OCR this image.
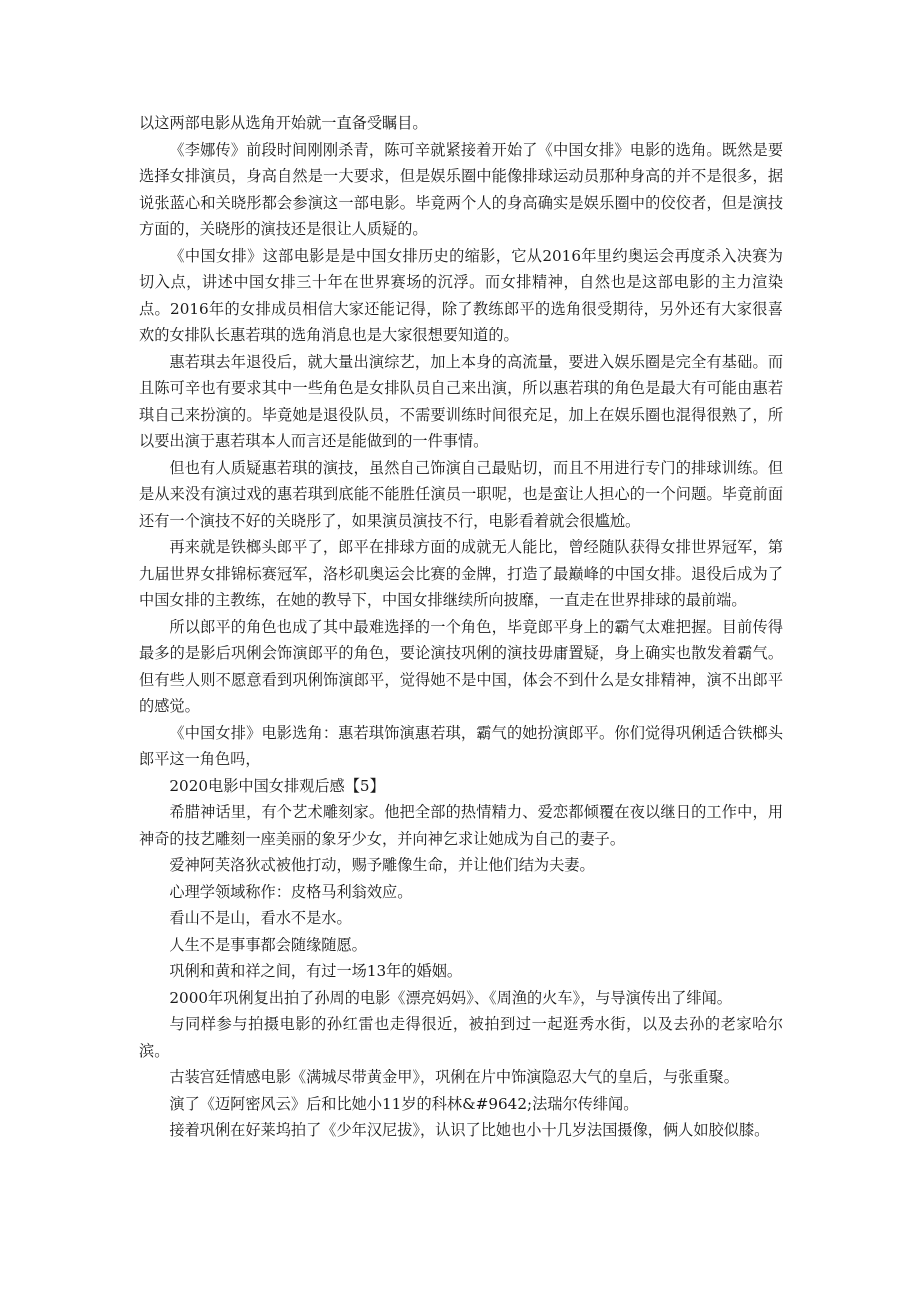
以这两部电影从选角开始就一直备受瞩目。

《李娜传》前段时间刚刚杀青，陈可辛就紧接着开始了《中国女排》电影的选角。既然是要选择女排演员，身高自然是一大要求，但是娱乐圈中能像排球运动员那种身高的并不是很多，据说张蓝心和关晓彤都会参演这一部电影。毕竟两个人的身高确实是娱乐圈中的佼佼者，但是演技方面的，关晓彤的演技还是很让人质疑的。

《中国女排》这部电影是是中国女排历史的缩影，它从2016年里约奥运会再度杀入决赛为切入点，讲述中国女排三十年在世界赛场的沉浮。而女排精神，自然也是这部电影的主力渲染点。2016年的女排成员相信大家还能记得，除了教练郎平的选角很受期待，另外还有大家很喜欢的女排队长惠若琪的选角消息也是大家很想要知道的。

惠若琪去年退役后，就大量出演综艺，加上本身的高流量，要进入娱乐圈是完全有基础。而且陈可辛也有要求其中一些角色是女排队员自己来出演，所以惠若琪的角色是最大有可能由惠若琪自己来扮演的。毕竟她是退役队员，不需要训练时间很充足，加上在娱乐圈也混得很熟了，所以要出演于惠若琪本人而言还是能做到的一件事情。

但也有人质疑惠若琪的演技，虽然自己饰演自己最贴切，而且不用进行专门的排球训练。但是从来没有演过戏的惠若琪到底能不能胜任演员一职呢，也是蛮让人担心的一个问题。毕竟前面还有一个演技不好的关晓彤了，如果演员演技不行，电影看着就会很尴尬。

再来就是铁榔头郎平了，郎平在排球方面的成就无人能比，曾经随队获得女排世界冠军，第九届世界女排锦标赛冠军，洛杉矶奥运会比赛的金牌，打造了最巅峰的中国女排。退役后成为了中国女排的主教练，在她的教导下，中国女排继续所向披靡，一直走在世界排球的最前端。

所以郎平的角色也成了其中最难选择的一个角色，毕竟郎平身上的霸气太难把握。目前传得最多的是影后巩俐会饰演郎平的角色，要论演技巩俐的演技毋庸置疑，身上确实也散发着霸气。但有些人则不愿意看到巩俐饰演郎平，觉得她不是中国，体会不到什么是女排精神，演不出郎平的感觉。

《中国女排》电影选角：惠若琪饰演惠若琪，霸气的她扮演郎平。你们觉得巩俐适合铁榔头郎平这一角色吗，

2020电影中国女排观后感【5】

希腊神话里，有个艺术雕刻家。他把全部的热情精力、爱恋都倾覆在夜以继日的工作中，用神奇的技艺雕刻一座美丽的象牙少女，并向神乞求让她成为自己的妻子。

爱神阿芙洛狄忒被他打动，赐予雕像生命，并让他们结为夫妻。

心理学领域称作：皮格马利翁效应。

看山不是山，看水不是水。

人生不是事事都会随缘随愿。

巩俐和黄和祥之间，有过一场13年的婚姻。

2000年巩俐复出拍了孙周的电影《漂亮妈妈》、《周渔的火车》，与导演传出了绯闻。

与同样参与拍摄电影的孙红雷也走得很近，被拍到过一起逛秀水街，以及去孙的老家哈尔滨。

古装宫廷情感电影《满城尽带黄金甲》，巩俐在片中饰演隐忍大气的皇后，与张重聚。

演了《迈阿密风云》后和比她小11岁的科林&#9642;法瑞尔传绯闻。

接着巩俐在好莱坞拍了《少年汉尼拔》，认识了比她也小十几岁法国摄像，俩人如胶似膝。
